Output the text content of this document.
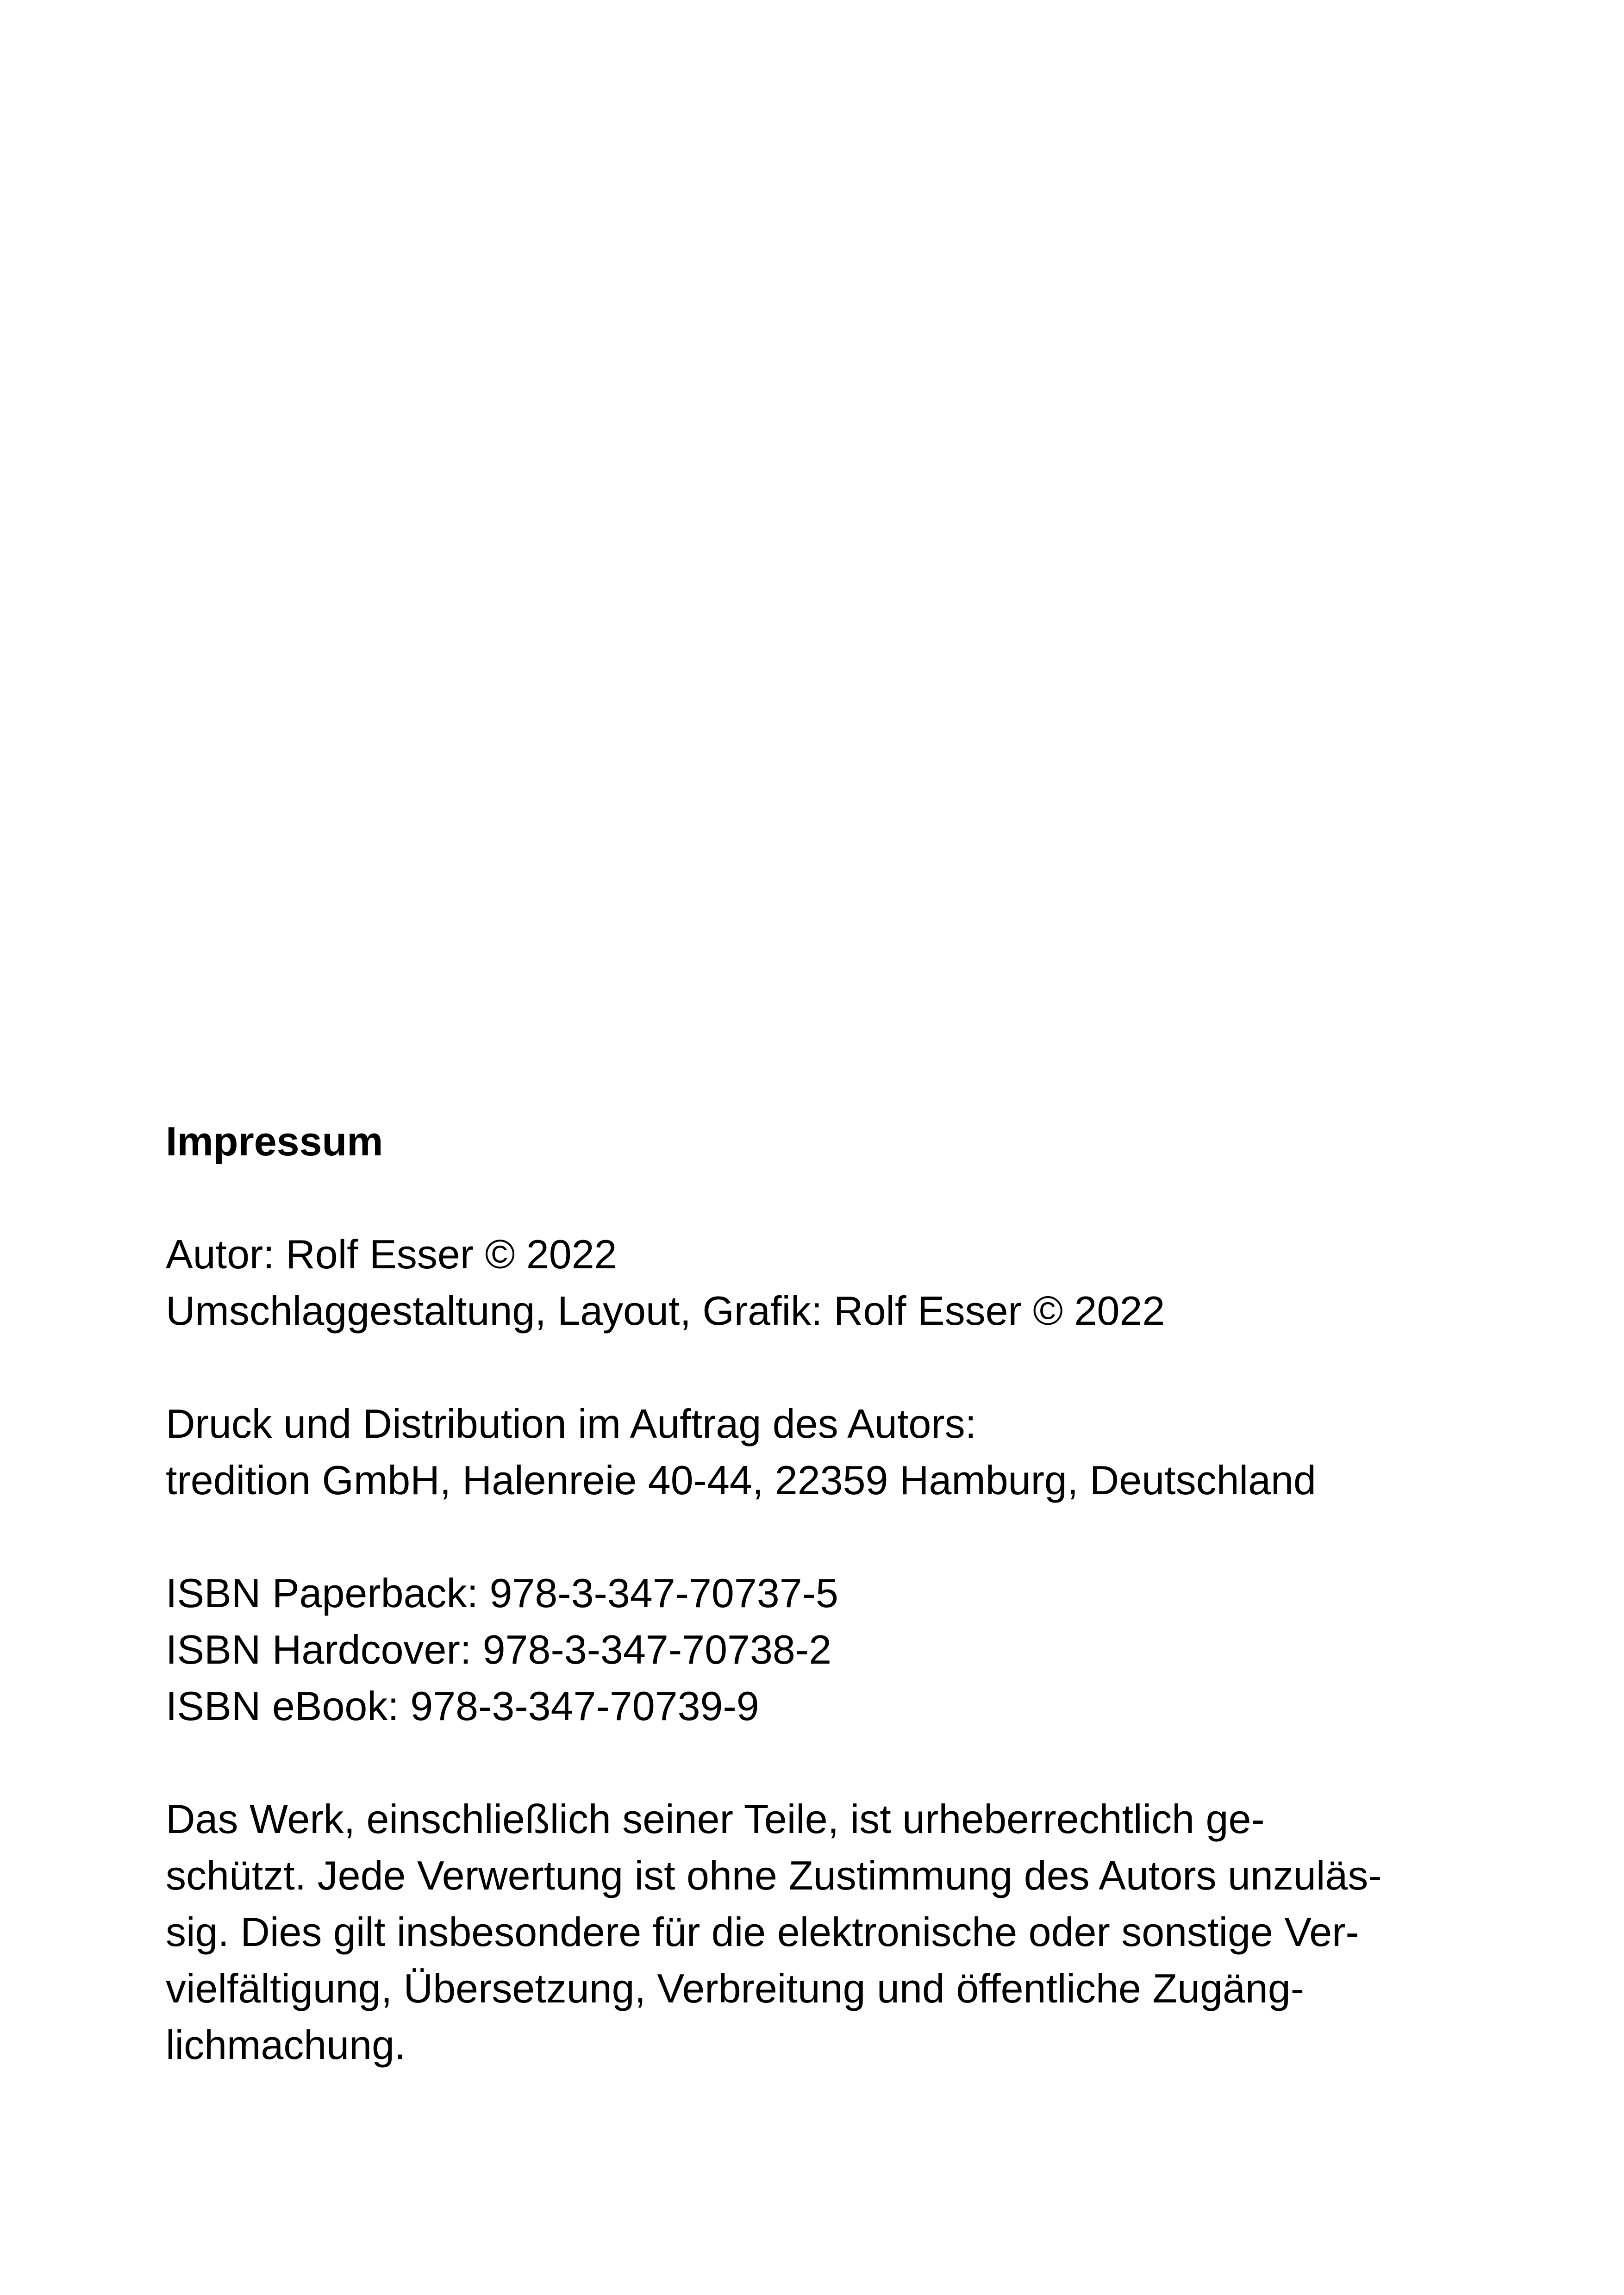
Impressum
Autor: Rolf Esser © 2022
Umschlaggestaltung, Layout, Grafik: Rolf Esser © 2022
Druck und Distribution im Auftrag des Autors:
tredition GmbH, Halenreie 40-44, 22359 Hamburg, Deutschland
ISBN Paperback: 978-3-347-70737-5
ISBN Hardcover: 978-3-347-70738-2
ISBN eBook: 978-3-347-70739-9
Das Werk, einschließlich seiner Teile, ist urheberrechtlich ge-
schützt. Jede Verwertung ist ohne Zustimmung des Autors unzuläs-
sig. Dies gilt insbesondere für die elektronische oder sonstige Ver-
vielfältigung, Übersetzung, Verbreitung und öffentliche Zugäng-
lichmachung.
